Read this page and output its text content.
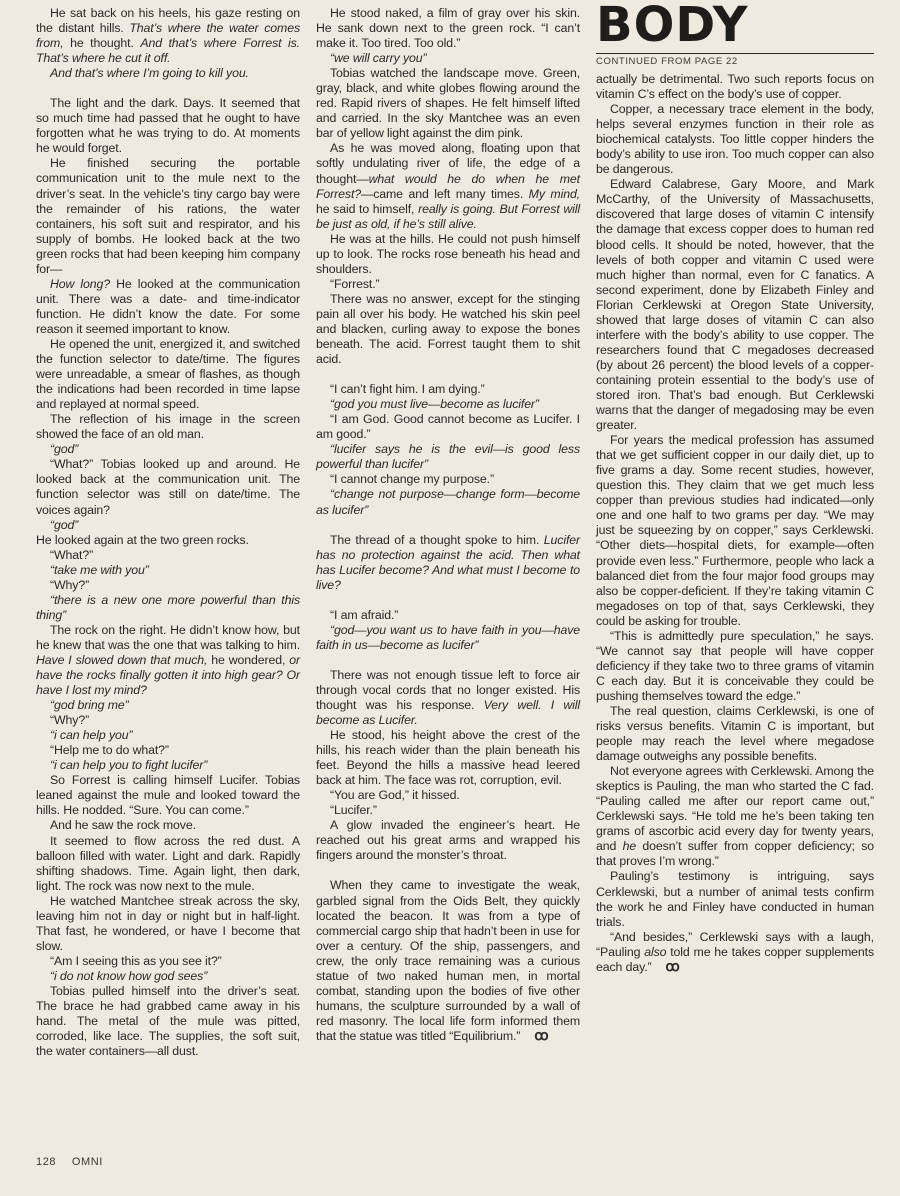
He sat back on his heels, his gaze resting on the distant hills. That’s where the water comes from, he thought. And that’s where Forrest is. That’s where he cut it off.

And that’s where I’m going to kill you.

The light and the dark. Days. It seemed that so much time had passed that he ought to have forgotten what he was trying to do. At moments he would forget.

He finished securing the portable communication unit to the mule next to the driver’s seat. In the vehicle’s tiny cargo bay were the remainder of his rations, the water containers, his soft suit and respirator, and his supply of bombs. He looked back at the two green rocks that had been keeping him company for—

How long? He looked at the communication unit. There was a date- and time-indicator function. He didn’t know the date. For some reason it seemed important to know.

He opened the unit, energized it, and switched the function selector to date/time. The figures were unreadable, a smear of flashes, as though the indications had been recorded in time lapse and replayed at normal speed.

The reflection of his image in the screen showed the face of an old man.

“god”

“What?” Tobias looked up and around. He looked back at the communication unit. The function selector was still on date/time. The voices again?

“god”

He looked again at the two green rocks.

“What?”

“take me with you”

“Why?”

“there is a new one more powerful than this thing”

The rock on the right. He didn’t know how, but he knew that was the one that was talking to him. Have I slowed down that much, he wondered, or have the rocks finally gotten it into high gear? Or have I lost my mind?

“god bring me”

“Why?”

“i can help you”

“Help me to do what?”

“i can help you to fight lucifer”

So Forrest is calling himself Lucifer. Tobias leaned against the mule and looked toward the hills. He nodded. “Sure. You can come.”

And he saw the rock move.

It seemed to flow across the red dust. A balloon filled with water. Light and dark. Rapidly shifting shadows. Time. Again light, then dark, light. The rock was now next to the mule.

He watched Mantchee streak across the sky, leaving him not in day or night but in half-light. That fast, he wondered, or have I become that slow.

“Am I seeing this as you see it?”

“i do not know how god sees”

Tobias pulled himself into the driver’s seat. The brace he had grabbed came away in his hand. The metal of the mule was pitted, corroded, like lace. The supplies, the soft suit, the water containers—all dust.

He stood naked, a film of gray over his skin. He sank down next to the green rock. “I can’t make it. Too tired. Too old.”

“we will carry you”

Tobias watched the landscape move. Green, gray, black, and white globes flowing around the red. Rapid rivers of shapes. He felt himself lifted and carried. In the sky Mantchee was an even bar of yellow light against the dim pink.

As he was moved along, floating upon that softly undulating river of life, the edge of a thought—what would he do when he met Forrest?—came and left many times. My mind, he said to himself, really is going. But Forrest will be just as old, if he’s still alive.

He was at the hills. He could not push himself up to look. The rocks rose beneath his head and shoulders.

“Forrest.”

There was no answer, except for the stinging pain all over his body. He watched his skin peel and blacken, curling away to expose the bones beneath. The acid. Forrest taught them to shit acid.

“I can’t fight him. I am dying.”

“god you must live—become as lucifer”

“I am God. Good cannot become as Lucifer. I am good.”

“lucifer says he is the evil—is good less powerful than lucifer”

“I cannot change my purpose.”

“change not purpose—change form—become as lucifer”

The thread of a thought spoke to him. Lucifer has no protection against the acid. Then what has Lucifer become? And what must I become to live?

“I am afraid.”

“god—you want us to have faith in you—have faith in us—become as lucifer”

There was not enough tissue left to force air through vocal cords that no longer existed. His thought was his response. Very well. I will become as Lucifer.

He stood, his height above the crest of the hills, his reach wider than the plain beneath his feet. Beyond the hills a massive head leered back at him. The face was rot, corruption, evil.

“You are God,” it hissed.

“Lucifer.”

A glow invaded the engineer’s heart. He reached out his great arms and wrapped his fingers around the monster’s throat.

When they came to investigate the weak, garbled signal from the Oids Belt, they quickly located the beacon. It was from a type of commercial cargo ship that hadn’t been in use for over a century. Of the ship, passengers, and crew, the only trace remaining was a curious statue of two naked human men, in mortal combat, standing upon the bodies of five other humans, the sculpture surrounded by a wall of red masonry. The local life form informed them that the statue was titled “Equilibrium.” ꝏ

BODY
CONTINUED FROM PAGE 22

actually be detrimental. Two such reports focus on vitamin C’s effect on the body’s use of copper.

Copper, a necessary trace element in the body, helps several enzymes function in their role as biochemical catalysts. Too little copper hinders the body’s ability to use iron. Too much copper can also be dangerous.

Edward Calabrese, Gary Moore, and Mark McCarthy, of the University of Massachusetts, discovered that large doses of vitamin C intensify the damage that excess copper does to human red blood cells. It should be noted, however, that the levels of both copper and vitamin C used were much higher than normal, even for C fanatics. A second experiment, done by Elizabeth Finley and Florian Cerklewski at Oregon State University, showed that large doses of vitamin C can also interfere with the body’s ability to use copper. The researchers found that C megadoses decreased (by about 26 percent) the blood levels of a copper-containing protein essential to the body’s use of stored iron. That’s bad enough. But Cerklewski warns that the danger of megadosing may be even greater.

For years the medical profession has assumed that we get sufficient copper in our daily diet, up to five grams a day. Some recent studies, however, question this. They claim that we get much less copper than previous studies had indicated—only one and one half to two grams per day. “We may just be squeezing by on copper,” says Cerklewski. “Other diets—hospital diets, for example—often provide even less.” Furthermore, people who lack a balanced diet from the four major food groups may also be copper-deficient. If they’re taking vitamin C megadoses on top of that, says Cerklewski, they could be asking for trouble.

“This is admittedly pure speculation,” he says. “We cannot say that people will have copper deficiency if they take two to three grams of vitamin C each day. But it is conceivable they could be pushing themselves toward the edge.”

The real question, claims Cerklewski, is one of risks versus benefits. Vitamin C is important, but people may reach the level where megadose damage outweighs any possible benefits.

Not everyone agrees with Cerklewski. Among the skeptics is Pauling, the man who started the C fad. “Pauling called me after our report came out,” Cerklewski says. “He told me he’s been taking ten grams of ascorbic acid every day for twenty years, and he doesn’t suffer from copper deficiency; so that proves I’m wrong.”

Pauling’s testimony is intriguing, says Cerklewski, but a number of animal tests confirm the work he and Finley have conducted in human trials.

“And besides,” Cerklewski says with a laugh, “Pauling also told me he takes copper supplements each day.” ꝏ

128 OMNI
